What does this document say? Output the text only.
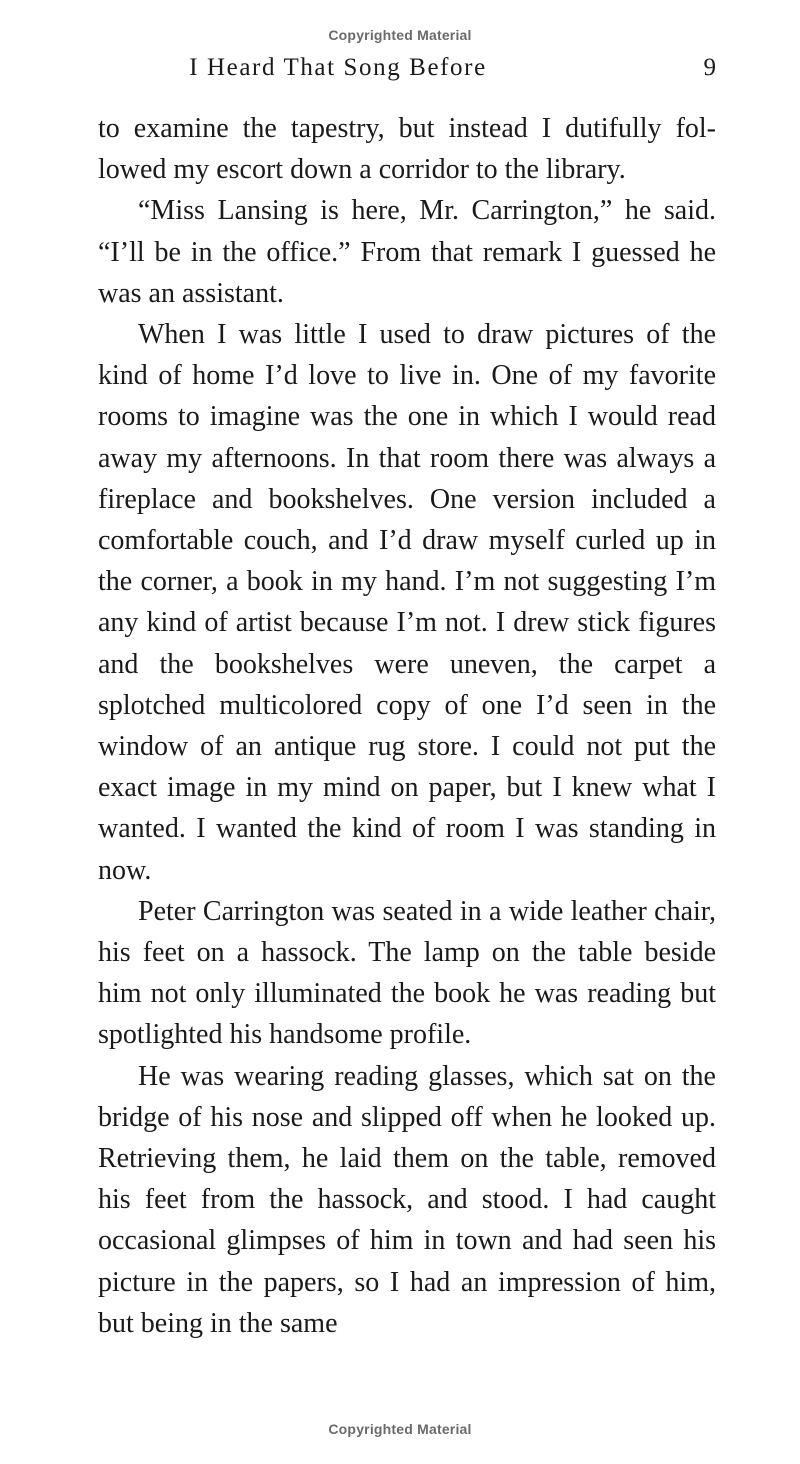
Copyrighted Material
I Heard That Song Before	9

to examine the tapestry, but instead I dutifully followed my escort down a corridor to the library.

“Miss Lansing is here, Mr. Carrington,” he said. “I’ll be in the office.” From that remark I guessed he was an assistant.

When I was little I used to draw pictures of the kind of home I’d love to live in. One of my favorite rooms to imagine was the one in which I would read away my afternoons. In that room there was always a fireplace and bookshelves. One version included a comfortable couch, and I’d draw myself curled up in the corner, a book in my hand. I’m not suggesting I’m any kind of artist because I’m not. I drew stick figures and the bookshelves were uneven, the carpet a splotched multicolored copy of one I’d seen in the window of an antique rug store. I could not put the exact image in my mind on paper, but I knew what I wanted. I wanted the kind of room I was standing in now.

Peter Carrington was seated in a wide leather chair, his feet on a hassock. The lamp on the table beside him not only illuminated the book he was reading but spotlighted his handsome profile.

He was wearing reading glasses, which sat on the bridge of his nose and slipped off when he looked up. Retrieving them, he laid them on the table, removed his feet from the hassock, and stood. I had caught occasional glimpses of him in town and had seen his picture in the papers, so I had an impression of him, but being in the same

Copyrighted Material
